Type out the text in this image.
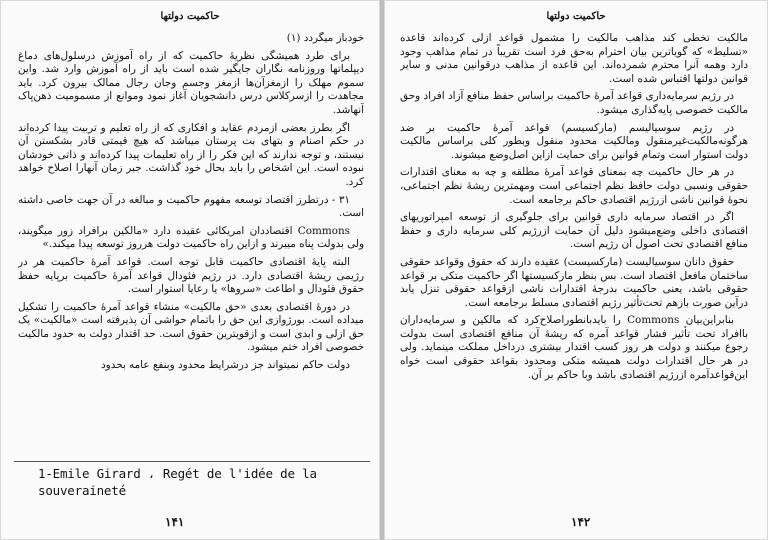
حاکمیت دولتها

خودباز میگردد (۱)

برای طرد همیشگی نظریهٔ حاکمیت که از راه آموزش درسلول‌های دماغ دیپلماتها وروزنامه نگاران جایگیر شده است باید از راه آموزش وارد شد. واین سموم مهلک را ازمغزآن‌ها ازمغز وجسم وجان رجال ممالک بیرون کرد. باید مجاهدت را ازسرکلاس درس دانشجویان آغاز نمود وموانع از مسمومیت ذهن‌پاک آنهاشد.

اگر بطرز بعضی ازمردم عقاید و افکاری که از راه تعلیم و تربیت پیدا کرده‌اند در حکم اصنام و بتهای بت پرستان میباشد که هیچ قیمتی قادر بشکستن آن نیستند، و توجه ندارند که این فکر را از راه تعلیمات پیدا کرده‌اند و ذاتی خودشان نبوده است. این اشخاص را باید بحال خود گذاشت. جبر زمان آنهارا اصلاح خواهد کرد.

۳۱ - درتطرز اقتصاد توسعه مفهوم حاکمیت و مبالغه در آن جهت خاصی داشته است.

Commons اقتصاددان امریکائی عقیده دارد «مالکین برافراد زور میگویند، ولی بدولت پناه میبرند و ازاین راه حاکمیت دولت هرروز توسعه پیدا میکند.»

البته پایهٔ اقتصادی حاکمیت قابل توجه است. قواعد آمرهٔ حاکمیت هر در رژیمی ریشهٔ اقتصادی دارد. در رژیم فئودال قواعد آمرهٔ حاکمیت برپایه حفظ حقوق فئودال و اطاعت «سروها» یا رعایا استوار است.

در دورهٔ اقتصادی بعدی «حق مالکیت» منشاء قواعد آمرهٔ حاکمیت را تشکیل میداده است. بورژوازی این حق را باتمام حواشی آن پذیرفته است «مالکیت» یک حق ازلی و ابدی است و ازقویترین حقوق است. حد اقتدار دولت به حدود مالکیت خصوصی افراد ختم میشود.

دولت حاکم نمیتواند جز درشرایط محدود وبنفع عامه بحدود

1-Emile Girard ، Regét de l'idée de la souveraineté
۱۴۱
حاکمیت دولتها

مالکیت تخطی کند مذاهب مالکیت را مشمول قواعد ازلی کرده‌اند قاعده «تسلیط» که گویاترین بیان احترام به‌حق فرد است تقریباً در تمام مذاهب وجود دارد وهمه آنرا محترم شمرده‌اند. این قاعده از مذاهب درقوانین مدنی و سایر قوانین دولتها اقتباس شده است.

در رژیم سرمایه‌داری قواعد آمرهٔ حاکمیت براساس حفظ منافع آزاد افراد وحق مالکیت خصوصی پایه‌گذاری میشود.

در رژیم سوسیالیسم (مارکسیسم) قواعد آمرهٔ حاکمیت بر ضد هرگونه‌مالکیت‌غیرمنقول ومالکیت محدود منقول وبطور کلی براساس مالکیت دولت استوار است وتمام قوانین برای حمایت ازاین اصل‌وضع میشوند.

در هر حال حاکمیت چه بمعنای قواعد آمرهٔ مطلقه و چه به معنای اقتدارات حقوقی ونسبی دولت حافظ نظم اجتماعی است ومهمترین ریشهٔ نظم اجتماعی، نحوهٔ قوانین ناشی ازرژیم اقتصادی حاکم برجامعه است.

اگر در اقتصاد سرمایه داری قوانین برای جلوگیری از توسعه امپراتوریهای اقتصادی داخلی وضع‌میشود دلیل آن حمایت ازرژیم کلی سرمایه داری و حفظ منافع اقتصادی تحت اصول آن رژیم است.

حقوق دانان سوسیالیست (مارکسیست) عقیده دارند که حقوق وقواعد حقوقی ساختمان مافعل اقتصاد است. بس بنظر مارکسیستها اگر حاکمیت متکی بر قواعد حقوقی باشد، یعنی حاکمیت بدرجهٔ اقتدارات ناشی ازقواعد حقوقی تنزل یابد درآین صورت بازهم تحت‌تأثیر رژیم اقتصادی مسلط برجامعه است.

بنابراین‌بیان Commons را بایدبانطوراصلاح‌کرد که مالکین و سرمایه‌داران باافراد تحت تأثیر فشار قواعد آمره که ریشهٔ آن منافع اقتصادی است بدولت رجوع میکنند و دولت هر روز کسب اقتدار بیشتری درداخل مملکت مینماید. ولی در هر حال اقتدارات دولت همیشه متکی ومحدود بقواعد حقوقی است خواه این‌قواعدآمره ازرژیم اقتصادی باشد وبا حاکم بر آن.

۱۴۲
